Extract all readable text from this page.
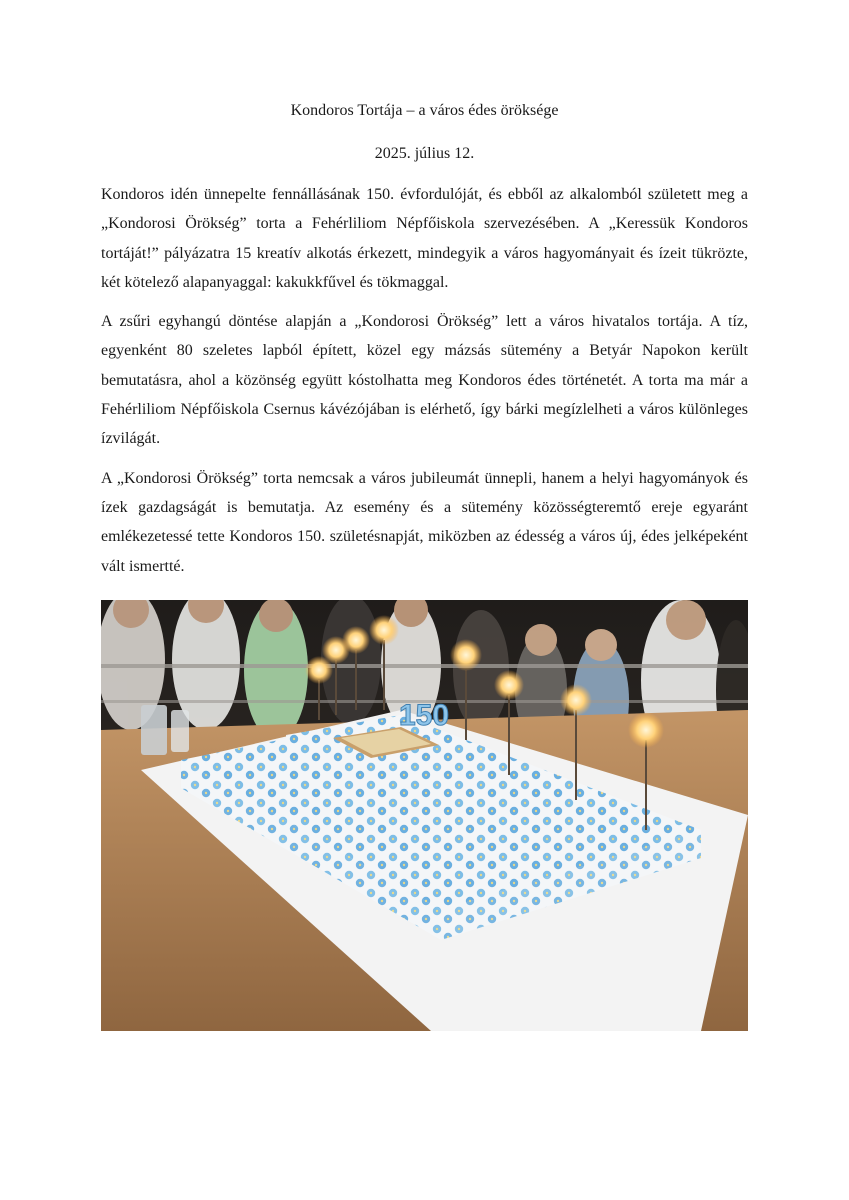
Kondoros Tortája – a város édes öröksége
2025. július 12.

Kondoros idén ünnepelte fennállásának 150. évfordulóját, és ebből az alkalomból született meg a „Kondorosi Örökség” torta a Fehérliliom Népfőiskola szervezésében. A „Keressük Kondoros tortáját!” pályázatra 15 kreatív alkotás érkezett, mindegyik a város hagyományait és ízeit tükrözte, két kötelező alapanyaggal: kakukkfűvel és tökmaggal.

A zsűri egyhangú döntése alapján a „Kondorosi Örökség” lett a város hivatalos tortája. A tíz, egyenként 80 szeletes lapból épített, közel egy mázsás sütemény a Betyár Napokon került bemutatásra, ahol a közönség együtt kóstolhatta meg Kondoros édes történetét. A torta ma már a Fehérliliom Népfőiskola Csernus kávézójában is elérhető, így bárki megízlelheti a város különleges ízvilágát.

A „Kondorosi Örökség” torta nemcsak a város jubileumát ünnepli, hanem a helyi hagyományok és ízek gazdagságát is bemutatja. Az esemény és a sütemény közösségteremtő ereje egyaránt emlékezetessé tette Kondoros 150. születésnapját, miközben az édesség a város új, édes jelképeként vált ismertté.

150
